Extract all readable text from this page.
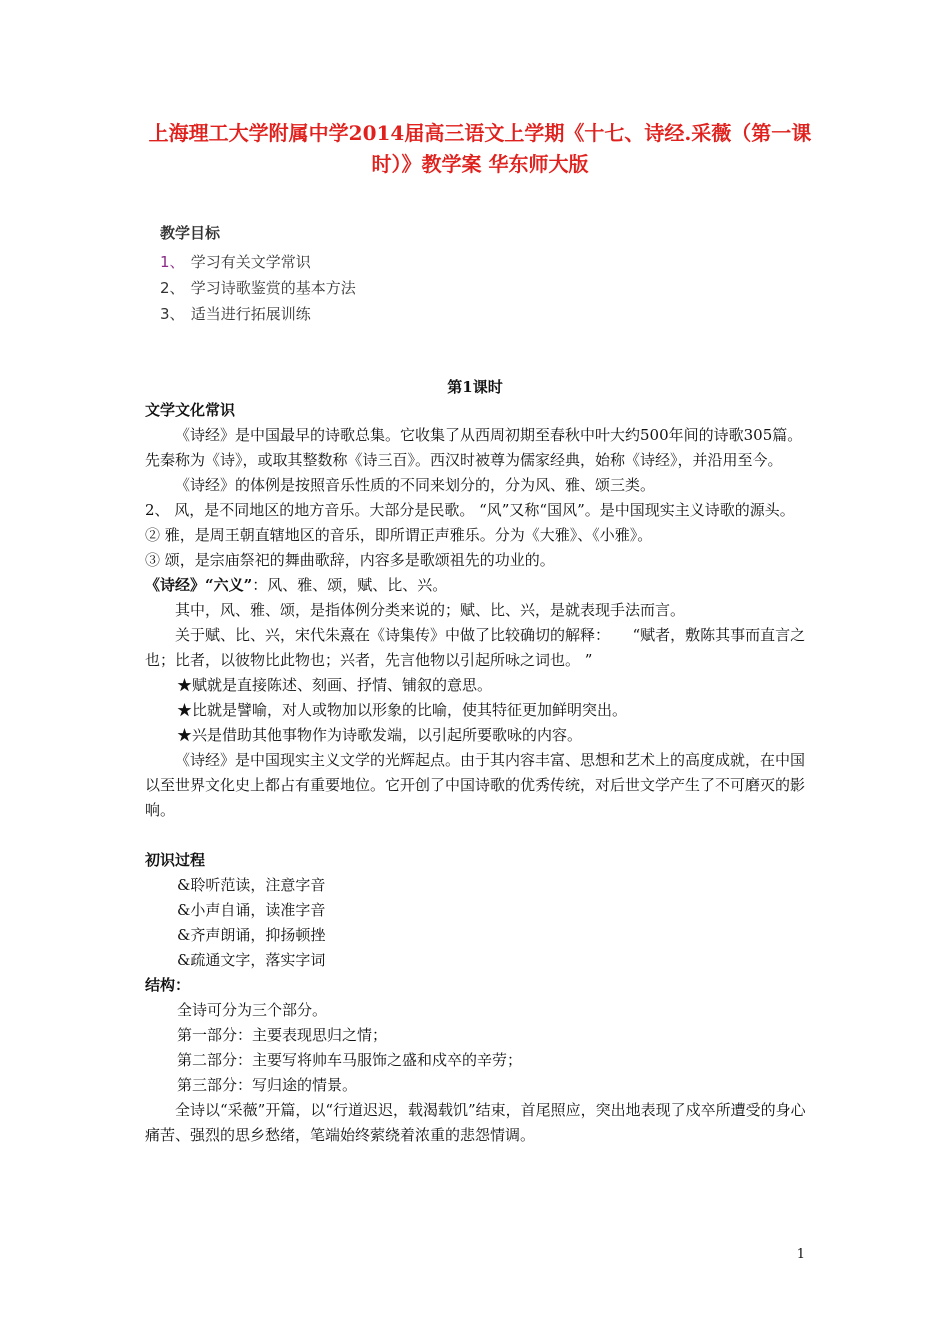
上海理工大学附属中学2014届高三语文上学期《十七、诗经.采薇（第一课时）》教学案 华东师大版
教学目标
1、 学习有关文学常识
2、 学习诗歌鉴赏的基本方法
3、 适当进行拓展训练
第1课时

文学文化常识

《诗经》是中国最早的诗歌总集。它收集了从西周初期至春秋中叶大约500年间的诗歌305篇。先秦称为《诗》，或取其整数称《诗三百》。西汉时被尊为儒家经典，始称《诗经》，并沿用至今。

《诗经》的体例是按照音乐性质的不同来划分的，分为风、雅、颂三类。

2、 风，是不同地区的地方音乐。大部分是民歌。 “风”又称“国风”。是中国现实主义诗歌的源头。

② 雅，是周王朝直辖地区的音乐，即所谓正声雅乐。分为《大雅》、《小雅》。

③ 颂，是宗庙祭祀的舞曲歌辞，内容多是歌颂祖先的功业的。

《诗经》“六义”：风、雅、颂，赋、比、兴。

其中，风、雅、颂，是指体例分类来说的；赋、比、兴，是就表现手法而言。

关于赋、比、兴，宋代朱熹在《诗集传》中做了比较确切的解释：　　“赋者，敷陈其事而直言之也；比者，以彼物比此物也；兴者，先言他物以引起所咏之词也。 ”

★赋就是直接陈述、刻画、抒情、铺叙的意思。

★比就是譬喻，对人或物加以形象的比喻，使其特征更加鲜明突出。

★兴是借助其他事物作为诗歌发端，以引起所要歌咏的内容。

《诗经》是中国现实主义文学的光辉起点。由于其内容丰富、思想和艺术上的高度成就，在中国以至世界文化史上都占有重要地位。它开创了中国诗歌的优秀传统，对后世文学产生了不可磨灭的影响。

初识过程

&聆听范读，注意字音

&小声自诵，读准字音

&齐声朗诵，抑扬顿挫

&疏通文字，落实字词

结构：

全诗可分为三个部分。

第一部分：主要表现思归之情；

第二部分：主要写将帅车马服饰之盛和戍卒的辛劳；

第三部分：写归途的情景。

全诗以“采薇”开篇，以“行道迟迟，载渴载饥”结束，首尾照应，突出地表现了戍卒所遭受的身心痛苦、强烈的思乡愁绪，笔端始终萦绕着浓重的悲怨情调。

1
